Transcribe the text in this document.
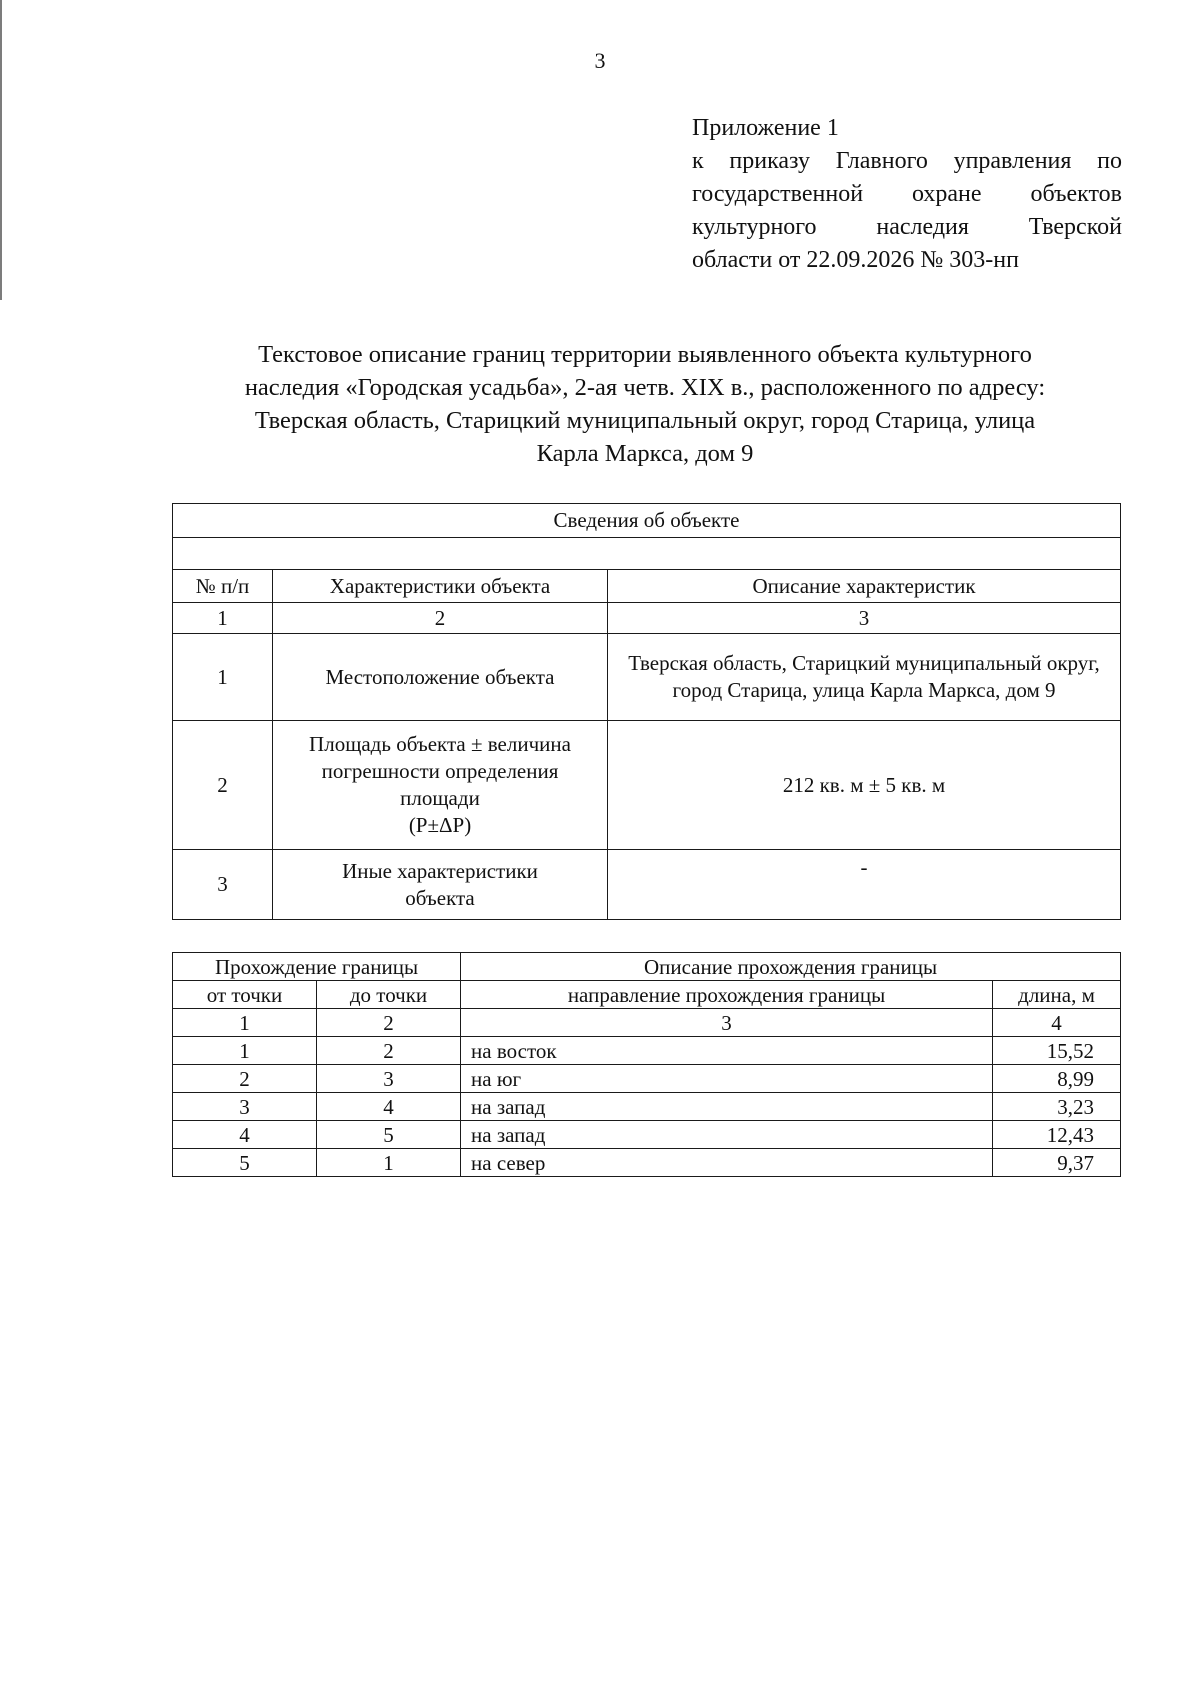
3
Приложение 1
к приказу Главного управления по
государственной охране объектов
культурного наследия Тверской
области от 22.09.2026 № 303-нп
Текстовое описание границ территории выявленного объекта культурного
наследия «Городская усадьба», 2-ая четв. XIX в., расположенного по адресу:
Тверская область, Старицкий муниципальный округ, город Старица, улица
Карла Маркса, дом 9
Сведения об объекте		

№ п/п	Характеристики объекта	Описание характеристик
1	2	3
1	Местоположение объекта	Тверская область, Старицкий муниципальный округ, город Старица, улица Карла Маркса, дом 9

2	Площадь объекта ± величина
погрешности определения
площади
(P±ΔP)	212 кв. м ± 5 кв. м
3	Иные характеристики
объекта	-
Прохождение границы		Описание прохождения границы	
от точки	до точки	направление прохождения границы	длина, м
1	2	3	4
1	2	на восток	15,52
2	3	на юг	8,99
3	4	на запад	3,23
4	5	на запад	12,43
5	1	на север	9,37
